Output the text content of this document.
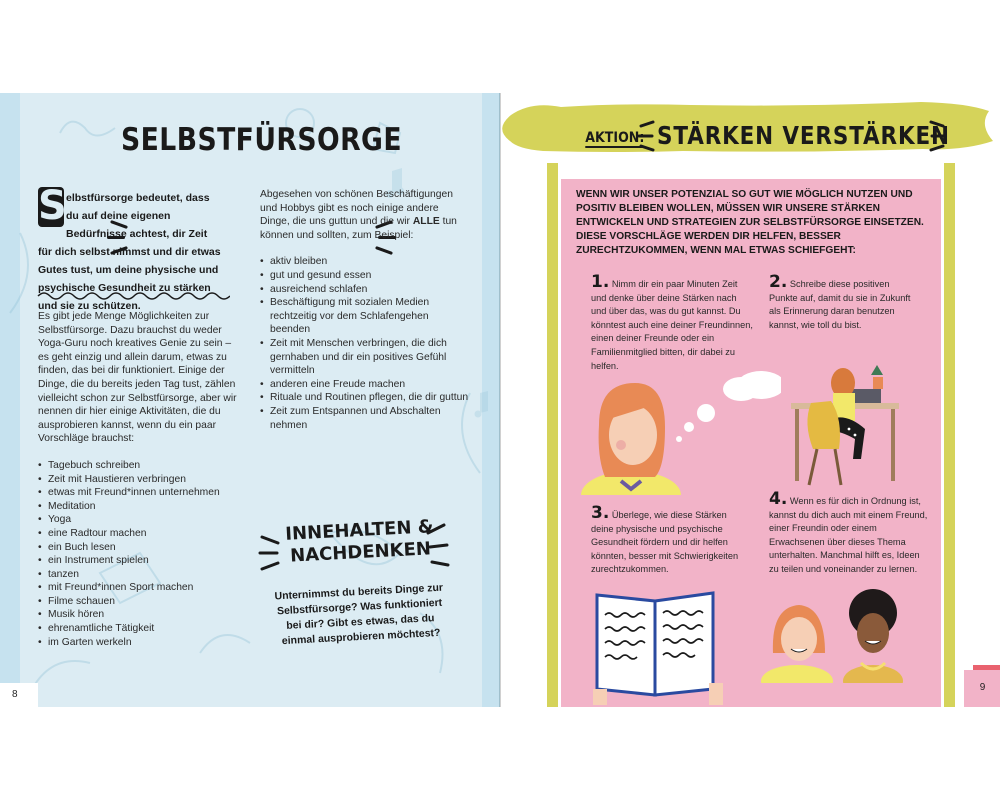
SELBSTFÜRSORGE
S elbstfürsorge bedeutet, dass du auf deine eigenen Bedürfnisse achtest, dir Zeit für dich selbst nimmst und dir etwas Gutes tust, um deine physische und psychische Gesundheit zu stärken und sie zu schützen.

Es gibt jede Menge Möglichkeiten zur Selbstfürsorge. Dazu brauchst du weder Yoga-Guru noch kreatives Genie zu sein – es geht einzig und allein darum, etwas zu finden, das bei dir funktioniert. Einige der Dinge, die du bereits jeden Tag tust, zählen vielleicht schon zur Selbstfürsorge, aber wir nennen dir hier einige Aktivitäten, die du ausprobieren kannst, wenn du ein paar Vorschläge brauchst:

• Tagebuch schreiben
• Zeit mit Haustieren verbringen
• etwas mit Freund*innen unternehmen
• Meditation
• Yoga
• eine Radtour machen
• ein Buch lesen
• ein Instrument spielen
• tanzen
• mit Freund*innen Sport machen
• Filme schauen
• Musik hören
• ehrenamtliche Tätigkeit
• im Garten werkeln

Abgesehen von schönen Beschäftigungen und Hobbys gibt es noch einige andere Dinge, die uns guttun und die wir ALLE tun können und sollten, zum Beispiel:

• aktiv bleiben
• gut und gesund essen
• ausreichend schlafen
• Beschäftigung mit sozialen Medien rechtzeitig vor dem Schlafengehen beenden
• Zeit mit Menschen verbringen, die dich gernhaben und dir ein positives Gefühl vermitteln
• anderen eine Freude machen
• Rituale und Routinen pflegen, die dir guttun
• Zeit zum Entspannen und Abschalten nehmen
INNEHALTEN &
NACHDENKEN
Unternimmst du bereits Dinge zur Selbstfürsorge? Was funktioniert bei dir? Gibt es etwas, das du einmal ausprobieren möchtest?
8
AKTION: STÄRKEN VERSTÄRKEN
WENN WIR UNSER POTENZIAL SO GUT WIE MÖGLICH NUTZEN UND POSITIV BLEIBEN WOLLEN, MÜSSEN WIR UNSERE STÄRKEN ENTWICKELN UND STRATEGIEN ZUR SELBSTFÜRSORGE EINSETZEN. DIESE VORSCHLÄGE WERDEN DIR HELFEN, BESSER ZURECHTZUKOMMEN, WENN MAL ETWAS SCHIEFGEHT:
1. Nimm dir ein paar Minuten Zeit und denke über deine Stärken nach und über das, was du gut kannst. Du könntest auch eine deiner Freundinnen, einen deiner Freunde oder ein Familienmitglied bitten, dir dabei zu helfen.
2. Schreibe diese positiven Punkte auf, damit du sie in Zukunft als Erinnerung daran benutzen kannst, wie toll du bist.
3. Überlege, wie diese Stärken deine physische und psychische Gesundheit fördern und dir helfen könnten, besser mit Schwierigkeiten zurechtzukommen.
4. Wenn es für dich in Ordnung ist, kannst du dich auch mit einem Freund, einer Freundin oder einem Erwachsenen über dieses Thema unterhalten. Manchmal hilft es, Ideen zu teilen und voneinander zu lernen.
9
